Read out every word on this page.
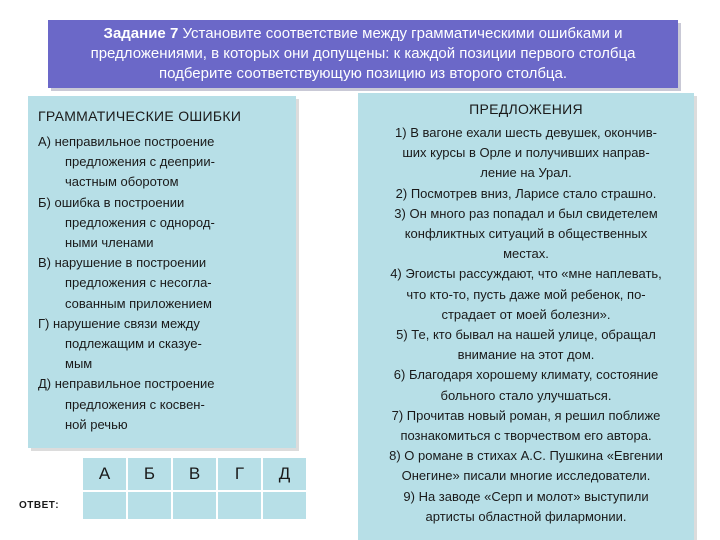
Задание 7 Установите соответствие между грамматическими ошибками и
предложениями, в которых они допущены: к каждой позиции первого столбца
подберите соответствующую позицию из второго столбца.
ГРАММАТИЧЕСКИЕ ОШИБКИ
А) неправильное построение
предложения с дееприи-
частным оборотом
Б) ошибка в построении
предложения с однород-
ными членами
В) нарушение в построении
предложения с несогла-
сованным приложением
Г) нарушение связи между
подлежащим и сказуе-
мым
Д) неправильное построение
предложения с косвен-
ной речью
ПРЕДЛОЖЕНИЯ
1) В вагоне ехали шесть девушек, окончив-
ших курсы в Орле и получивших направ-
ление на Урал.
2) Посмотрев вниз, Ларисе стало страшно.
3) Он много раз попадал и был свидетелем
конфликтных ситуаций в общественных
местах.
4) Эгоисты рассуждают, что «мне наплевать,
что кто-то, пусть даже мой ребенок, по-
страдает от моей болезни».
5) Те, кто бывал на нашей улице, обращал
внимание на этот дом.
6) Благодаря хорошему климату, состояние
больного стало улучшаться.
7) Прочитав новый роман, я решил поближе
познакомиться с творчеством его автора.
8) О романе в стихах А.С. Пушкина «Евгении
Онегине» писали многие исследователи.
9) На заводе «Серп и молот» выступили
артисты областной филармонии.
ОТВЕТ:
А	Б	В	Г	Д
